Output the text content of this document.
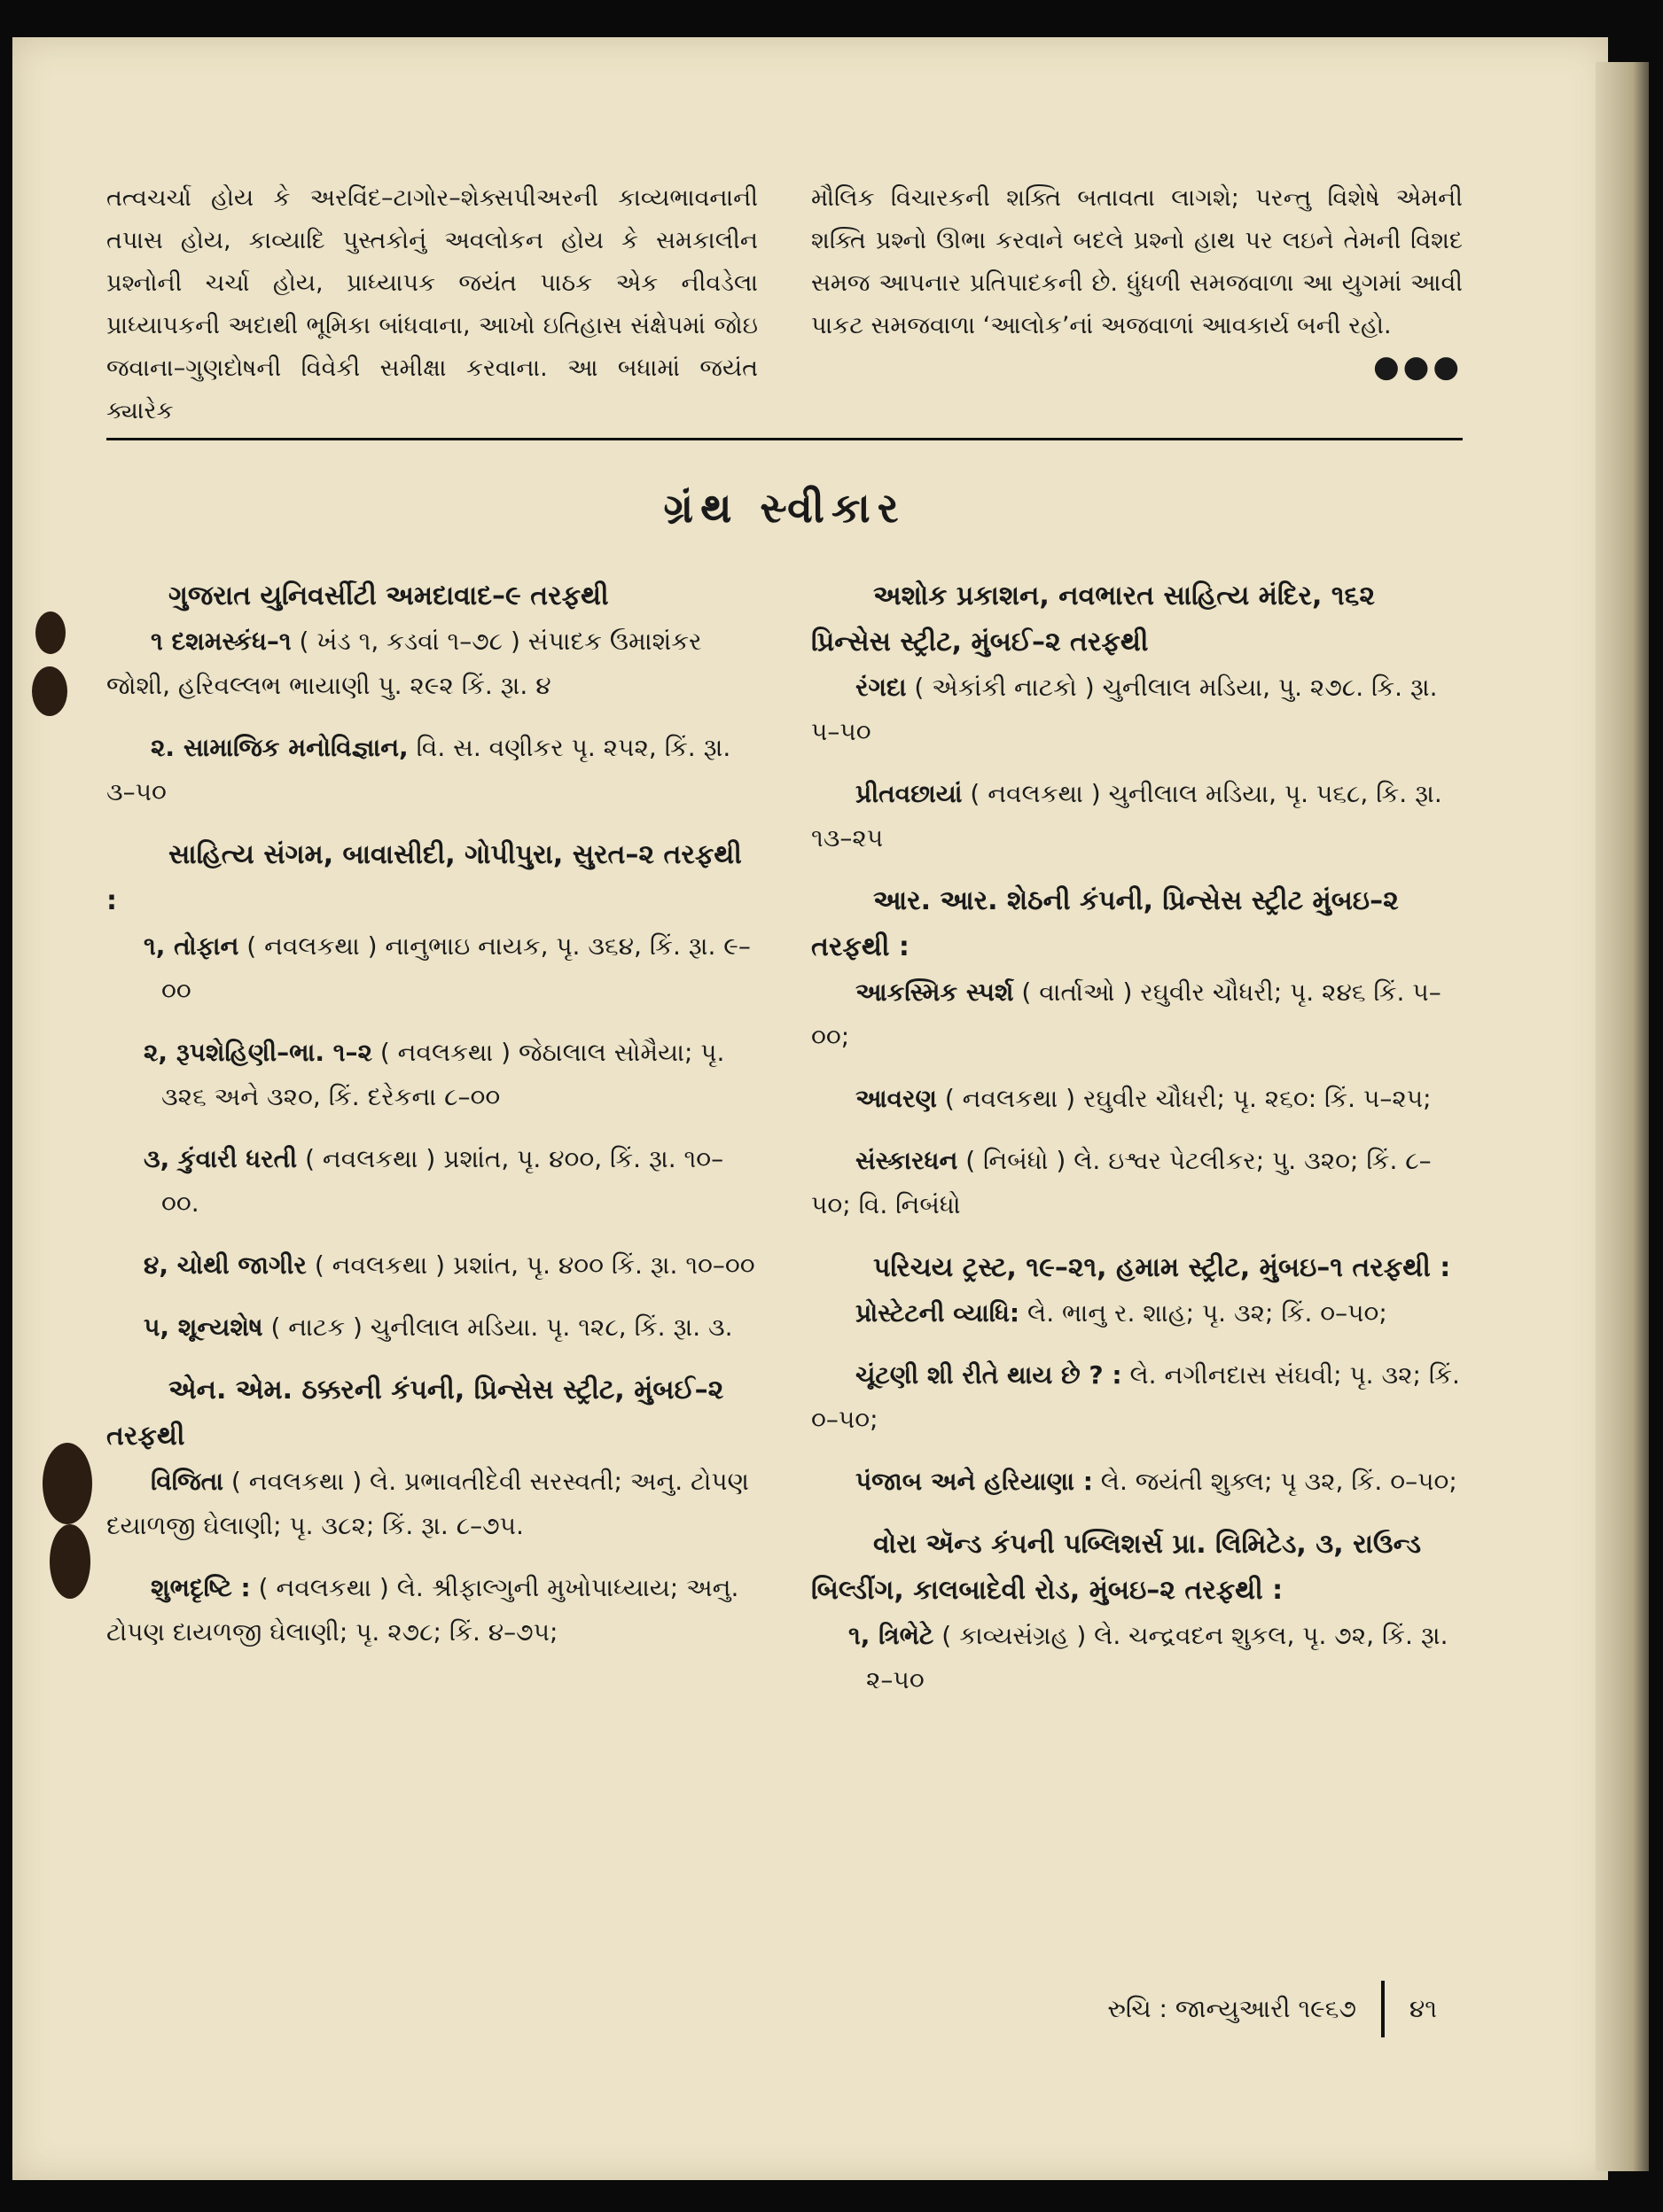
તત્વચર્ચા હોય કે અરવિંદ–ટાગોર–શેક્સપીઅરની કાવ્યભાવનાની તપાસ હોય, કાવ્યાદિ પુસ્તકોનું અવલોકન હોય કે સમકાલીન પ્રશ્નોની ચર્ચા હોય, પ્રાધ્યાપક જયંત પાઠક એક નીવડેલા પ્રાધ્યાપકની અદાથી ભૂમિકા બાંધવાના, આખો ઇતિહાસ સંક્ષેપમાં જોઇ જવાના–ગુણદોષની વિવેકી સમીક્ષા કરવાના. આ બધામાં જયંત ક્યારેક

મૌલિક વિચારકની શક્તિ બતાવતા લાગશે; પરન્તુ વિશેષે એમની શક્તિ પ્રશ્નો ઊભા કરવાને બદલે પ્રશ્નો હાથ પર લઇને તેમની વિશદ સમજ આપનાર પ્રતિપાદકની છે. ધુંધળી સમજવાળા આ યુગમાં આવી પાકટ સમજવાળા ‘આલોક’નાં અજવાળાં આવકાર્ય બની રહો.

●●●
ગ્રંથ સ્વીકાર

ગુજરાત યુનિવર્સીટી અમદાવાદ–૯ તરફથી

૧ દશમસ્કંધ–૧ ( ખંડ ૧, કડવાં ૧–૭૮ ) સંપાદક ઉમાશંકર જોશી, હરિવલ્લભ ભાયાણી પુ. ૨૯૨ કિં. રૂા. ૪

૨. સામાજિક મનોવિજ્ઞાન, વિ. સ. વણીકર પૃ. ૨૫૨, કિં. રૂા. ૩–૫૦

સાહિત્ય સંગમ, બાવાસીદી, ગોપીપુરા, સુરત–૨ તરફથી :

૧, તોફાન ( નવલકથા ) નાનુભાઇ નાયક, પૃ. ૩૬૪, કિં. રૂા. ૯–૦૦

૨, રૂપશેહિણી–ભા. ૧–૨ ( નવલકથા ) જેઠાલાલ સોમૈયા; પૃ. ૩૨૬ અને ૩૨૦, કિં. દરેકના ૮–૦૦

૩, કુંવારી ધરતી ( નવલકથા ) પ્રશાંત, પૃ. ૪૦૦, કિં. રૂા. ૧૦–૦૦.

૪, ચોથી જાગીર ( નવલકથા ) પ્રશાંત, પૃ. ૪૦૦ કિં. રૂા. ૧૦–૦૦

૫, શૂન્યશેષ ( નાટક ) ચુનીલાલ મડિયા. પૃ. ૧૨૮, કિં. રૂા. ૩.

એન. એમ. ઠક્કરની કંપની, પ્રિન્સેસ સ્ટ્રીટ, મુંબઈ–૨ તરફથી

વિજિતા ( નવલકથા ) લે. પ્રભાવતીદેવી સરસ્વતી; અનુ. ટોપણ દયાળજી ઘેલાણી; પૃ. ૩૮૨; કિં. રૂા. ૮–૭૫.

શુભદૃષ્ટિ : ( નવલકથા ) લે. શ્રીફાલ્ગુની મુખોપાધ્યાય; અનુ. ટોપણ દાયળજી ઘેલાણી; પૃ. ૨૭૮; કિં. ૪–૭૫;

અશોક પ્રકાશન, નવભારત સાહિત્ય મંદિર, ૧૬૨ પ્રિન્સેસ સ્ટ્રીટ, મુંબઈ–૨ તરફથી

રંગદા ( એકાંકી નાટકો ) ચુનીલાલ મડિયા, પુ. ૨૭૮. કિ. રૂા. ૫–૫૦

પ્રીતવછાયાં ( નવલકથા ) ચુનીલાલ મડિયા, પૃ. ૫૬૮, કિ. રૂા. ૧૩–૨૫

આર. આર. શેઠની કંપની, પ્રિન્સેસ સ્ટ્રીટ મુંબઇ–૨ તરફથી :

આકસ્મિક સ્પર્શ ( વાર્તાઓ ) રઘુવીર ચૌધરી; પૃ. ૨૪૬ કિં. ૫–૦૦;

આવરણ ( નવલકથા ) રઘુવીર ચૌધરી; પૃ. ૨૬૦: કિં. ૫–૨૫;

સંસ્કારધન ( નિબંધો ) લે. ઇશ્વર પેટલીકર; પુ. ૩૨૦; કિં. ૮–૫૦; વિ. નિબંધો

પરિચય ટ્રસ્ટ, ૧૯–૨૧, હમામ સ્ટ્રીટ, મુંબઇ–૧ તરફથી :

પ્રોસ્ટેટની વ્યાધિ: લે. ભાનુ ર. શાહ; પૃ. ૩૨; કિં. ૦–૫૦;

ચૂંટણી શી રીતે થાય છે ? : લે. નગીનદાસ સંઘવી; પૃ. ૩૨; કિં. ૦–૫૦;

પંજાબ અને હરિયાણા : લે. જયંતી શુક્લ; પૃ ૩૨, કિં. ૦–૫૦;

વોરા ઍન્ડ કંપની પબ્લિશર્સ પ્રા. લિમિટેડ, ૩, રાઉન્ડ બિલ્ડીંગ, કાલબાદેવી રોડ, મુંબઇ–૨ તરફથી :

૧, ત્રિભેટે ( કાવ્યસંગ્રહ ) લે. ચન્દ્રવદન શુકલ, પૃ. ૭૨, કિં. રૂા. ૨–૫૦

રુચિ : જાન્યુઆરી ૧૯૬૭ ૪૧
